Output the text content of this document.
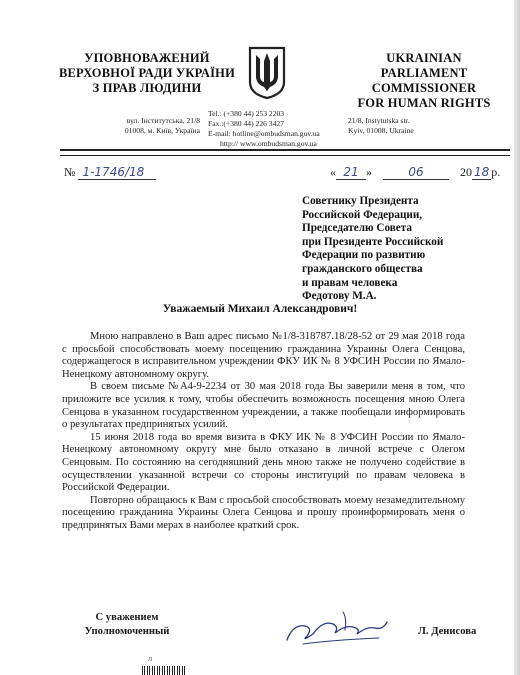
УПОВНОВАЖЕНИЙ
ВЕРХОВНОЇ РАДИ УКРАЇНИ
З ПРАВ ЛЮДИНИ
UKRAINIAN
PARLIAMENT COMMISSIONER
FOR HUMAN RIGHTS
вул. Інститутська, 21/8
01008, м. Київ, Україна
Tel.: (+380 44) 253 2203
Fax.:(+380 44) 226 3427
E-mail: hotline@ombudsman.gov.ua
http:// www.ombudsman.gov.ua
21/8, Instytutska str.
Kyiv, 01008, Ukraine
№ 1-1746/18	« 21 »	06	20 18 р.
Советнику Президента
Российской Федерации,
Председателю Совета
при Президенте Российской
Федерации по развитию
гражданского общества
и правам человека
Федотову М.А.
Уважаемый Михаил Александрович!

Мною направлено в Ваш адрес письмо №1/8-318787.18/28-52 от 29 мая 2018 года с просьбой способствовать моему посещению гражданина Украины Олега Сенцова, содержащегося в исправительном учреждении ФКУ ИК № 8 УФСИН России по Ямало-Ненецкому автономному округу.

В своем письме №А4-9-2234 от 30 мая 2018 года Вы заверили меня в том, что приложите все усилия к тому, чтобы обеспечить возможность посещения мною Олега Сенцова в указанном государственном учреждении, а также пообещали информировать о результатах предпринятых усилий.

15 июня 2018 года во время визита в ФКУ ИК № 8 УФСИН России по Ямало-Ненецкому автономному округу мне было отказано в личной встрече с Олегом Сенцовым. По состоянию на сегодняшний день мною также не получено содействие в осуществлении указанной встречи со стороны институций по правам человека в Российской Федерации.

Повторно обращаюсь к Вам с просьбой способствовать моему незамедлительному посещению гражданина Украины Олега Сенцова и прошу проинформировать меня о предпринятых Вами мерах в наиболее краткий срок.

С уважением
Уполномоченный	Л. Денисова
Л
